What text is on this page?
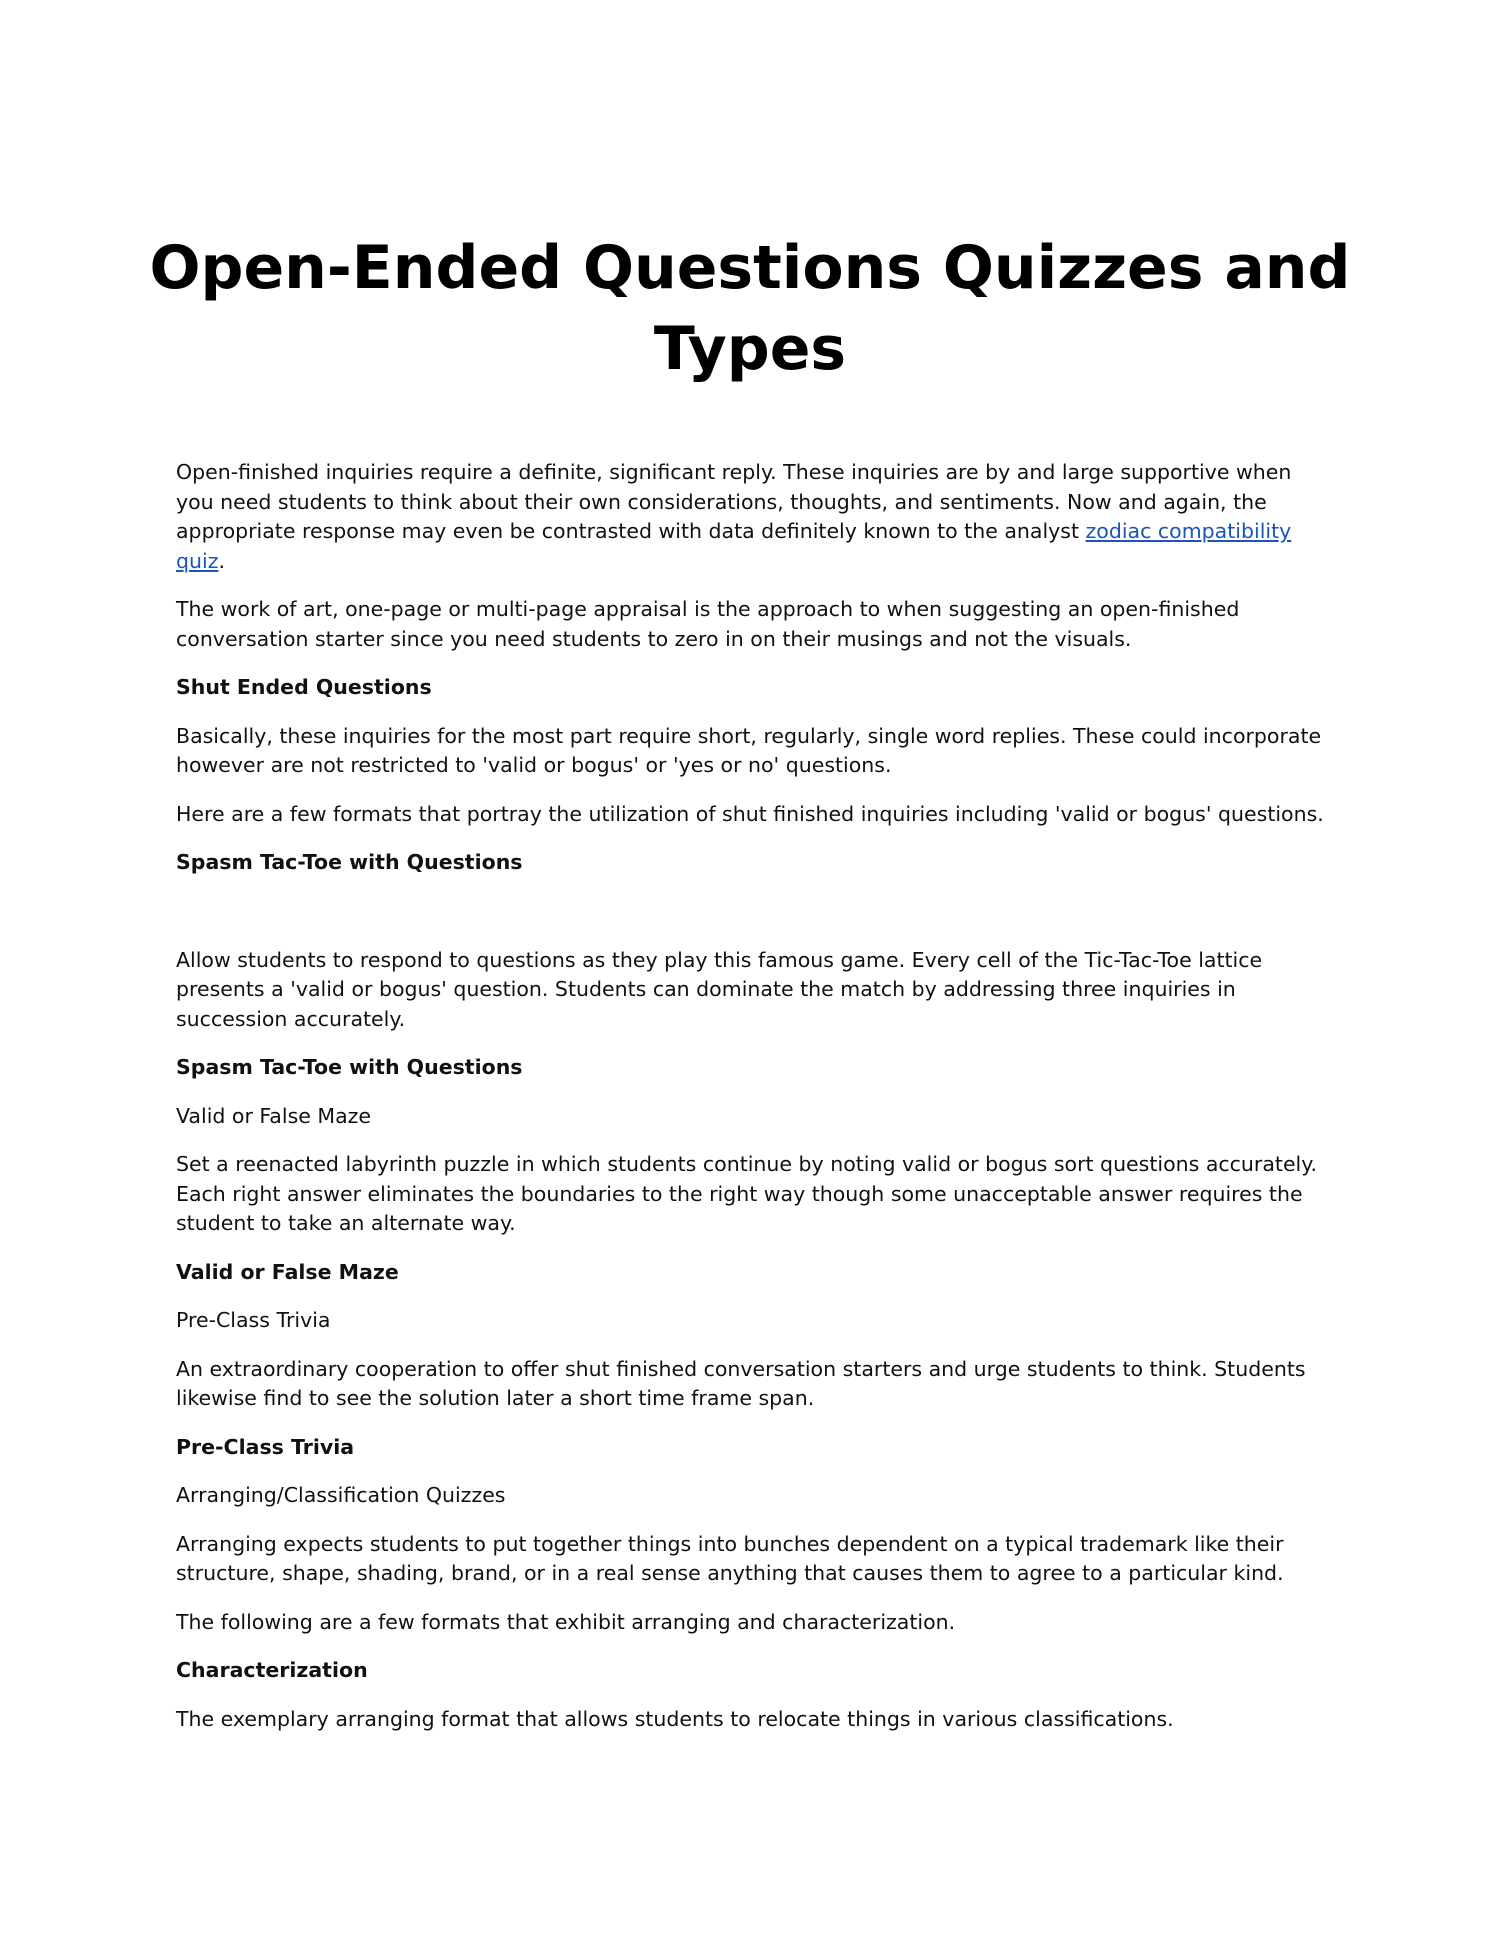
Open-Ended Questions Quizzes and Types

Open-finished inquiries require a definite, significant reply. These inquiries are by and large supportive when you need students to think about their own considerations, thoughts, and sentiments. Now and again, the appropriate response may even be contrasted with data definitely known to the analyst zodiac compatibility quiz.

The work of art, one-page or multi-page appraisal is the approach to when suggesting an open-finished conversation starter since you need students to zero in on their musings and not the visuals.

Shut Ended Questions

Basically, these inquiries for the most part require short, regularly, single word replies. These could incorporate however are not restricted to 'valid or bogus' or 'yes or no' questions.

Here are a few formats that portray the utilization of shut finished inquiries including 'valid or bogus' questions.

Spasm Tac-Toe with Questions

Allow students to respond to questions as they play this famous game. Every cell of the Tic-Tac-Toe lattice presents a 'valid or bogus' question. Students can dominate the match by addressing three inquiries in succession accurately.

Spasm Tac-Toe with Questions

Valid or False Maze

Set a reenacted labyrinth puzzle in which students continue by noting valid or bogus sort questions accurately. Each right answer eliminates the boundaries to the right way though some unacceptable answer requires the student to take an alternate way.

Valid or False Maze

Pre-Class Trivia

An extraordinary cooperation to offer shut finished conversation starters and urge students to think. Students likewise find to see the solution later a short time frame span.

Pre-Class Trivia

Arranging/Classification Quizzes

Arranging expects students to put together things into bunches dependent on a typical trademark like their structure, shape, shading, brand, or in a real sense anything that causes them to agree to a particular kind.

The following are a few formats that exhibit arranging and characterization.

Characterization

The exemplary arranging format that allows students to relocate things in various classifications.
